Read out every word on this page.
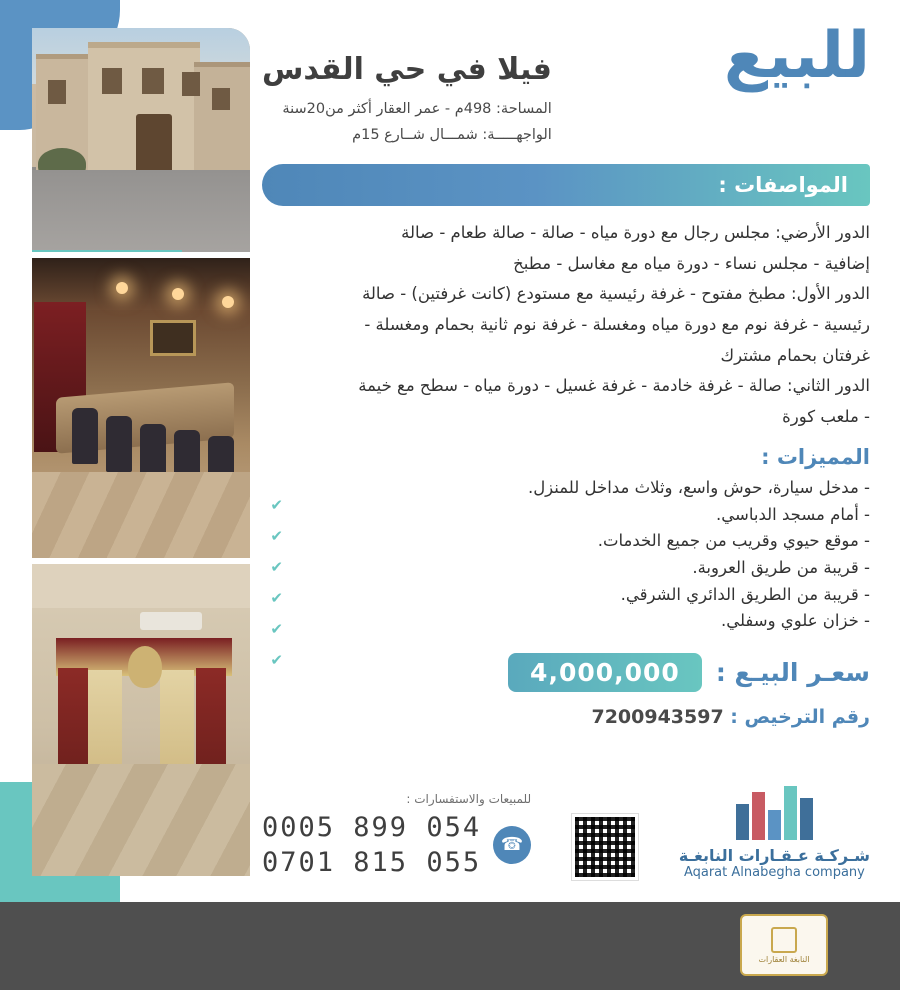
للبيع
فيلا في حي القدس
المساحة: 498م - عمر العقار أكثر من20سنة
الواجهـــــة: شمـــال شــارع 15م
المواصفات :

الدور الأرضي: مجلس رجال مع دورة مياه - صالة - صالة طعام - صالة

إضافية - مجلس نساء - دورة مياه مع مغاسل - مطبخ

الدور الأول: مطبخ مفتوح - غرفة رئيسية مع مستودع (كانت غرفتين) - صالة

رئيسية - غرفة نوم مع دورة مياه ومغسلة - غرفة نوم ثانية بحمام ومغسلة -

غرفتان بحمام مشترك

الدور الثاني: صالة - غرفة خادمة - غرفة غسيل - دورة مياه - سطح مع خيمة

- ملعب كورة

المميزات :
- مدخل سيارة، حوش واسع، وثلاث مداخل للمنزل.
- أمام مسجد الدباسي.
- موقع حيوي وقريب من جميع الخدمات.
- قريبة من طريق العروبة.
- قريبة من الطريق الدائري الشرقي.
- خزان علوي وسفلي.
✔
✔
✔
✔
✔
✔	سعـر البيـع :
4,000,000
رقم الترخيص : 7200943597
شـركـة عـقـارات النابغـة
Aqarat Alnabegha company
للمبيعات والاستفسارات :
☎
054 899 0005
055 815 0701
النابغة العقارات
